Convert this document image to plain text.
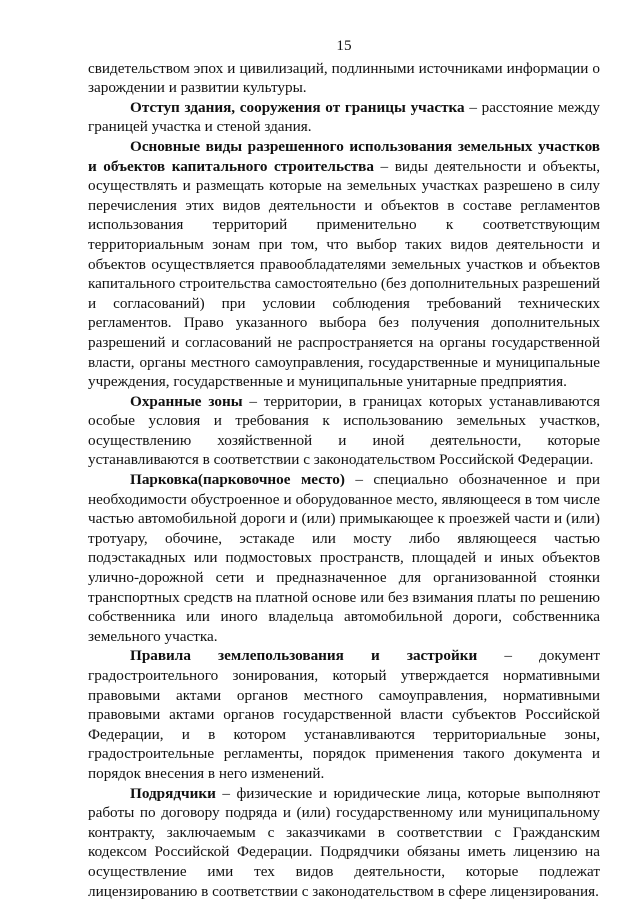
15

свидетельством эпох и цивилизаций, подлинными источниками информации о зарождении и развитии культуры.

Отступ здания, сооружения от границы участка – расстояние между границей участка и стеной здания.

Основные виды разрешенного использования земельных участков и объектов капитального строительства – виды деятельности и объекты, осуществлять и размещать которые на земельных участках разрешено в силу перечисления этих видов деятельности и объектов в составе регламентов использования территорий применительно к соответствующим территориальным зонам при том, что выбор таких видов деятельности и объектов осуществляется правообладателями земельных участков и объектов капитального строительства самостоятельно (без дополнительных разрешений и согласований) при условии соблюдения требований технических регламентов. Право указанного выбора без получения дополнительных разрешений и согласований не распространяется на органы государственной власти, органы местного самоуправления, государственные и муниципальные учреждения, государственные и муниципальные унитарные предприятия.

Охранные зоны – территории, в границах которых устанавливаются особые условия и требования к использованию земельных участков, осуществлению хозяйственной и иной деятельности, которые устанавливаются в соответствии с законодательством Российской Федерации.

Парковка(парковочное место) – специально обозначенное и при необходимости обустроенное и оборудованное место, являющееся в том числе частью автомобильной дороги и (или) примыкающее к проезжей части и (или) тротуару, обочине, эстакаде или мосту либо являющееся частью подэстакадных или подмостовых пространств, площадей и иных объектов улично-дорожной сети и предназначенное для организованной стоянки транспортных средств на платной основе или без взимания платы по решению собственника или иного владельца автомобильной дороги, собственника земельного участка.

Правила землепользования и застройки – документ градостроительного зонирования, который утверждается нормативными правовыми актами органов местного самоуправления, нормативными правовыми актами органов государственной власти субъектов Российской Федерации, и в котором устанавливаются территориальные зоны, градостроительные регламенты, порядок применения такого документа и порядок внесения в него изменений.

Подрядчики – физические и юридические лица, которые выполняют работы по договору подряда и (или) государственному или муниципальному контракту, заключаемым с заказчиками в соответствии с Гражданским кодексом Российской Федерации. Подрядчики обязаны иметь лицензию на осуществление ими тех видов деятельности, которые подлежат лицензированию в соответствии с законодательством в сфере лицензирования.
